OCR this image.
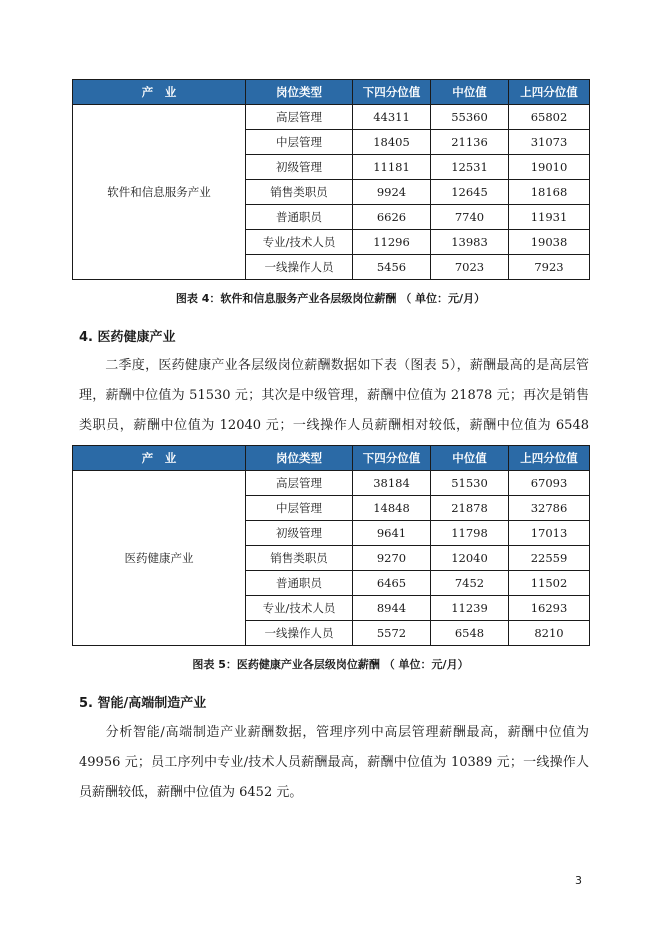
产　业	岗位类型	下四分位值	中位值	上四分位值
软件和信息服务产业	高层管理	44311	55360	65802
	中层管理	18405	21136	31073
	初级管理	11181	12531	19010
	销售类职员	9924	12645	18168
	普通职员	6626	7740	11931
	专业/技术人员	11296	13983	19038
	一线操作人员	5456	7023	7923
图表 4：软件和信息服务产业各层级岗位薪酬 （ 单位：元/月）
4. 医药健康产业
二季度，医药健康产业各层级岗位薪酬数据如下表（图表 5），薪酬最高的是高层管理，薪酬中位值为 51530 元；其次是中级管理，薪酬中位值为 21878 元；再次是销售类职员，薪酬中位值为 12040 元；一线操作人员薪酬相对较低，薪酬中位值为 6548
产　业	岗位类型	下四分位值	中位值	上四分位值
医药健康产业	高层管理	38184	51530	67093
	中层管理	14848	21878	32786
	初级管理	9641	11798	17013
	销售类职员	9270	12040	22559
	普通职员	6465	7452	11502
	专业/技术人员	8944	11239	16293
	一线操作人员	5572	6548	8210
图表 5：医药健康产业各层级岗位薪酬 （ 单位：元/月）
5. 智能/高端制造产业
分析智能/高端制造产业薪酬数据，管理序列中高层管理薪酬最高，薪酬中位值为 49956 元；员工序列中专业/技术人员薪酬最高，薪酬中位值为 10389 元；一线操作人员薪酬较低，薪酬中位值为 6452 元。
3
